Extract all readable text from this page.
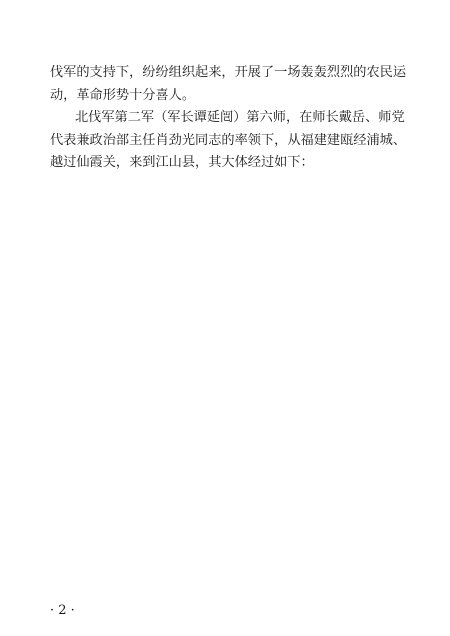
伐军的支持下，纷纷组织起来，开展了一场轰轰烈烈的农民运
动，革命形势十分喜人。
北伐军第二军（军长谭延闿）第六师，在师长戴岳、师党
代表兼政治部主任肖劲光同志的率领下，从福建建瓯经浦城、
越过仙霞关，来到江山县，其大体经过如下：
· 2 ·
